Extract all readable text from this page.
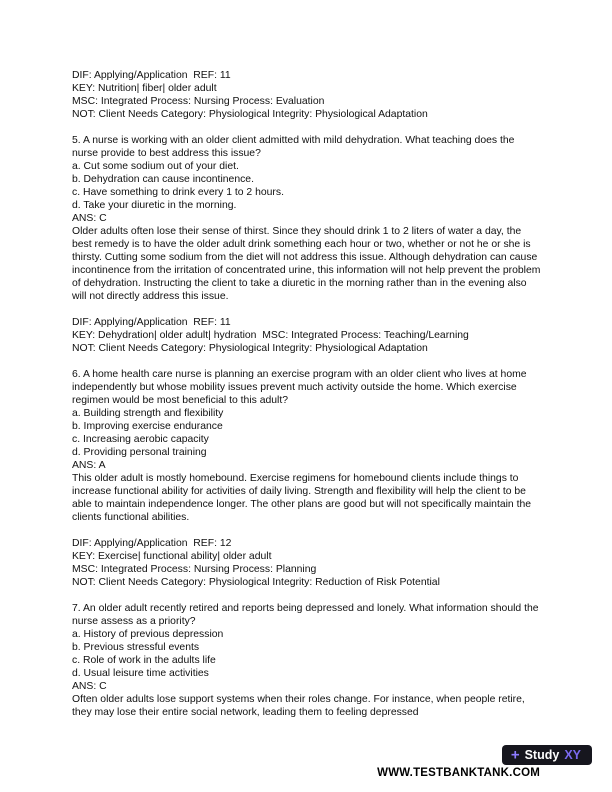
DIF: Applying/Application  REF: 11
KEY: Nutrition| fiber| older adult
MSC: Integrated Process: Nursing Process: Evaluation
NOT: Client Needs Category: Physiological Integrity: Physiological Adaptation

5. A nurse is working with an older client admitted with mild dehydration. What teaching does the nurse provide to best address this issue?

a. Cut some sodium out of your diet.
b. Dehydration can cause incontinence.
c. Have something to drink every 1 to 2 hours.
d. Take your diuretic in the morning.
ANS: C

Older adults often lose their sense of thirst. Since they should drink 1 to 2 liters of water a day, the best remedy is to have the older adult drink something each hour or two, whether or not he or she is thirsty. Cutting some sodium from the diet will not address this issue. Although dehydration can cause incontinence from the irritation of concentrated urine, this information will not help prevent the problem of dehydration. Instructing the client to take a diuretic in the morning rather than in the evening also will not directly address this issue.

DIF: Applying/Application  REF: 11
KEY: Dehydration| older adult| hydration  MSC: Integrated Process: Teaching/Learning
NOT: Client Needs Category: Physiological Integrity: Physiological Adaptation

6. A home health care nurse is planning an exercise program with an older client who lives at home independently but whose mobility issues prevent much activity outside the home. Which exercise regimen would be most beneficial to this adult?

a. Building strength and flexibility
b. Improving exercise endurance
c. Increasing aerobic capacity
d. Providing personal training
ANS: A

This older adult is mostly homebound. Exercise regimens for homebound clients include things to increase functional ability for activities of daily living. Strength and flexibility will help the client to be able to maintain independence longer. The other plans are good but will not specifically maintain the clients functional abilities.

DIF: Applying/Application  REF: 12
KEY: Exercise| functional ability| older adult
MSC: Integrated Process: Nursing Process: Planning
NOT: Client Needs Category: Physiological Integrity: Reduction of Risk Potential

7. An older adult recently retired and reports being depressed and lonely. What information should the nurse assess as a priority?

a. History of previous depression
b. Previous stressful events
c. Role of work in the adults life
d. Usual leisure time activities
ANS: C

Often older adults lose support systems when their roles change. For instance, when people retire, they may lose their entire social network, leading them to feeling depressed

+ Study XY
WWW.TESTBANKTANK.COM
